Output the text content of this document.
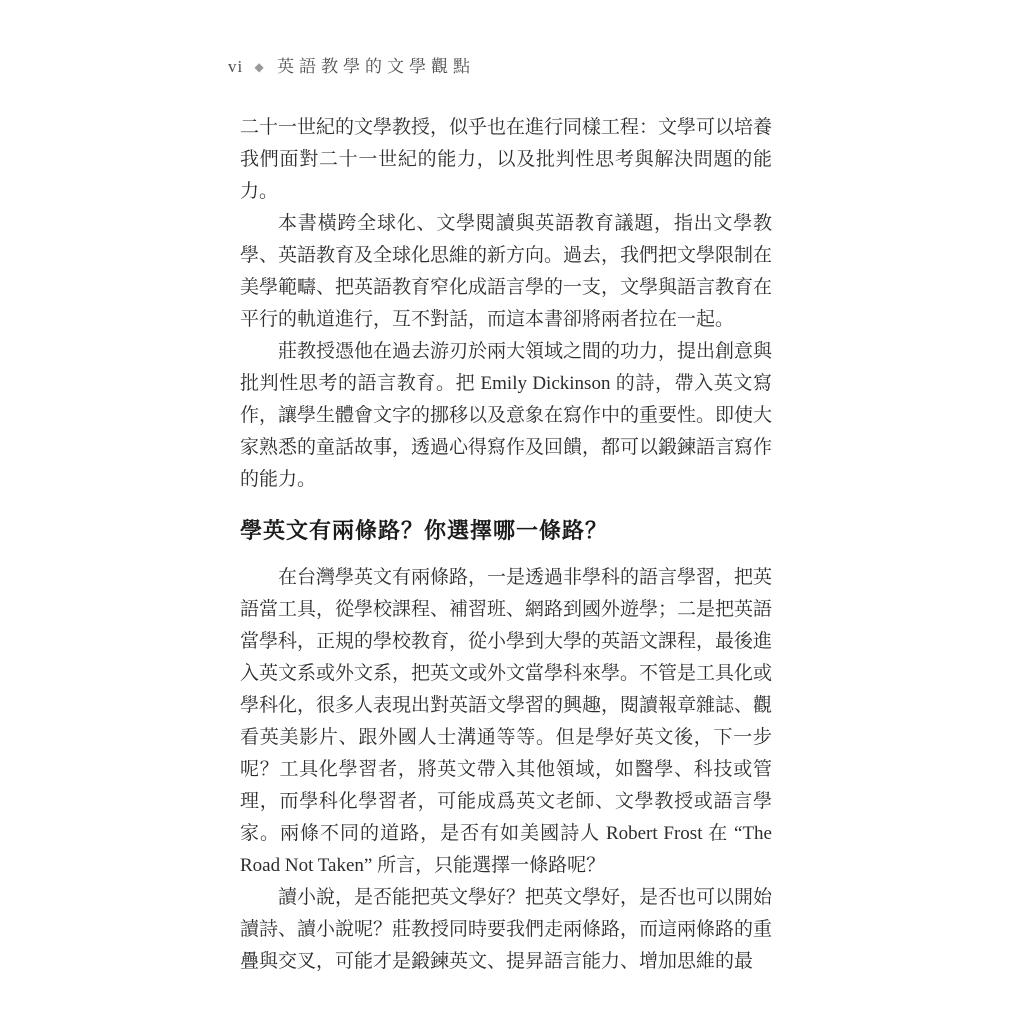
vi ◆ 英語教學的文學觀點

二十一世紀的文學教授，似乎也在進行同樣工程：文學可以培養我們面對二十一世紀的能力，以及批判性思考與解決問題的能力。

本書橫跨全球化、文學閱讀與英語教育議題，指出文學教學、英語教育及全球化思維的新方向。過去，我們把文學限制在美學範疇、把英語教育窄化成語言學的一支，文學與語言教育在平行的軌道進行，互不對話，而這本書卻將兩者拉在一起。

莊教授憑他在過去游刃於兩大領域之間的功力，提出創意與批判性思考的語言教育。把 Emily Dickinson 的詩，帶入英文寫作，讓學生體會文字的挪移以及意象在寫作中的重要性。即使大家熟悉的童話故事，透過心得寫作及回饋，都可以鍛鍊語言寫作的能力。

學英文有兩條路？你選擇哪一條路？

在台灣學英文有兩條路，一是透過非學科的語言學習，把英語當工具，從學校課程、補習班、網路到國外遊學；二是把英語當學科，正規的學校教育，從小學到大學的英語文課程，最後進入英文系或外文系，把英文或外文當學科來學。不管是工具化或學科化，很多人表現出對英語文學習的興趣，閱讀報章雜誌、觀看英美影片、跟外國人士溝通等等。但是學好英文後，下一步呢？工具化學習者，將英文帶入其他領域，如醫學、科技或管理，而學科化學習者，可能成爲英文老師、文學教授或語言學家。兩條不同的道路，是否有如美國詩人 Robert Frost 在 “The Road Not Taken” 所言，只能選擇一條路呢？

讀小說，是否能把英文學好？把英文學好，是否也可以開始讀詩、讀小說呢？莊教授同時要我們走兩條路，而這兩條路的重疊與交叉，可能才是鍛鍊英文、提昇語言能力、增加思維的最
